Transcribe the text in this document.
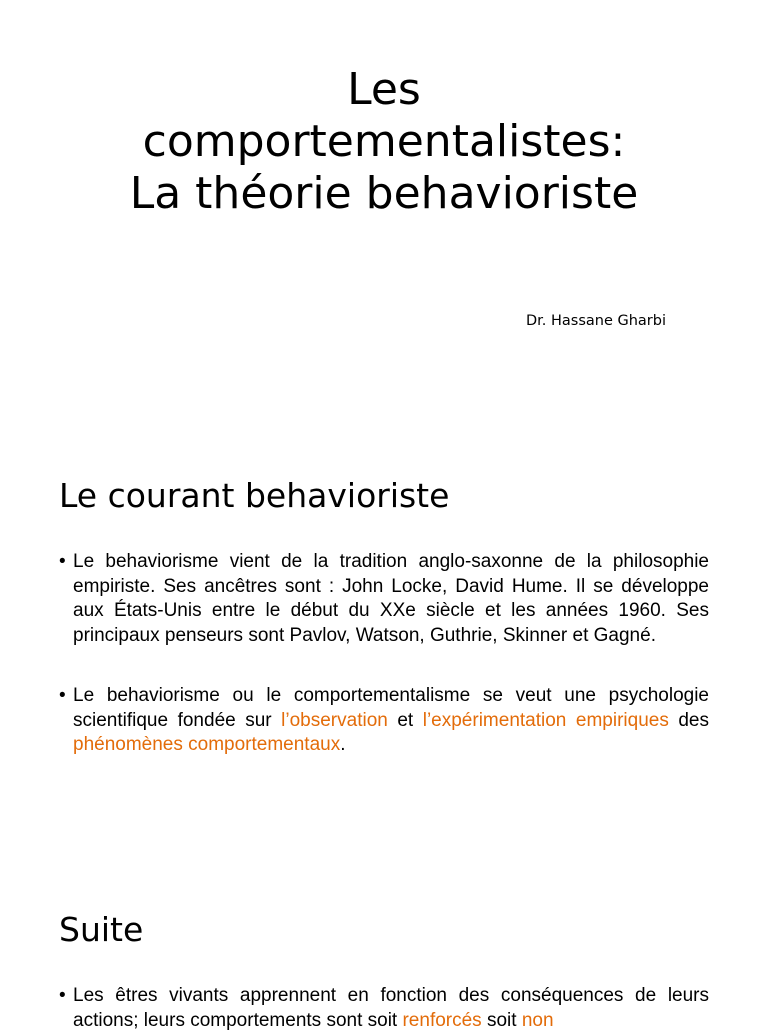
Les
comportementalistes:
La théorie behavioriste
Dr. Hassane Gharbi
Le courant behavioriste
• Le behaviorisme vient de la tradition anglo-saxonne de la philosophie empiriste. Ses ancêtres sont : John Locke, David Hume. Il se développe aux États-Unis entre le début du XXe siècle et les années 1960. Ses principaux penseurs sont Pavlov, Watson, Guthrie, Skinner et Gagné.
• Le behaviorisme ou le comportementalisme se veut une psychologie scientifique fondée sur l’observation et l’expérimentation empiriques des phénomènes comportementaux.
Suite
• Les êtres vivants apprennent en fonction des conséquences de leurs actions; leurs comportements sont soit renforcés soit non
